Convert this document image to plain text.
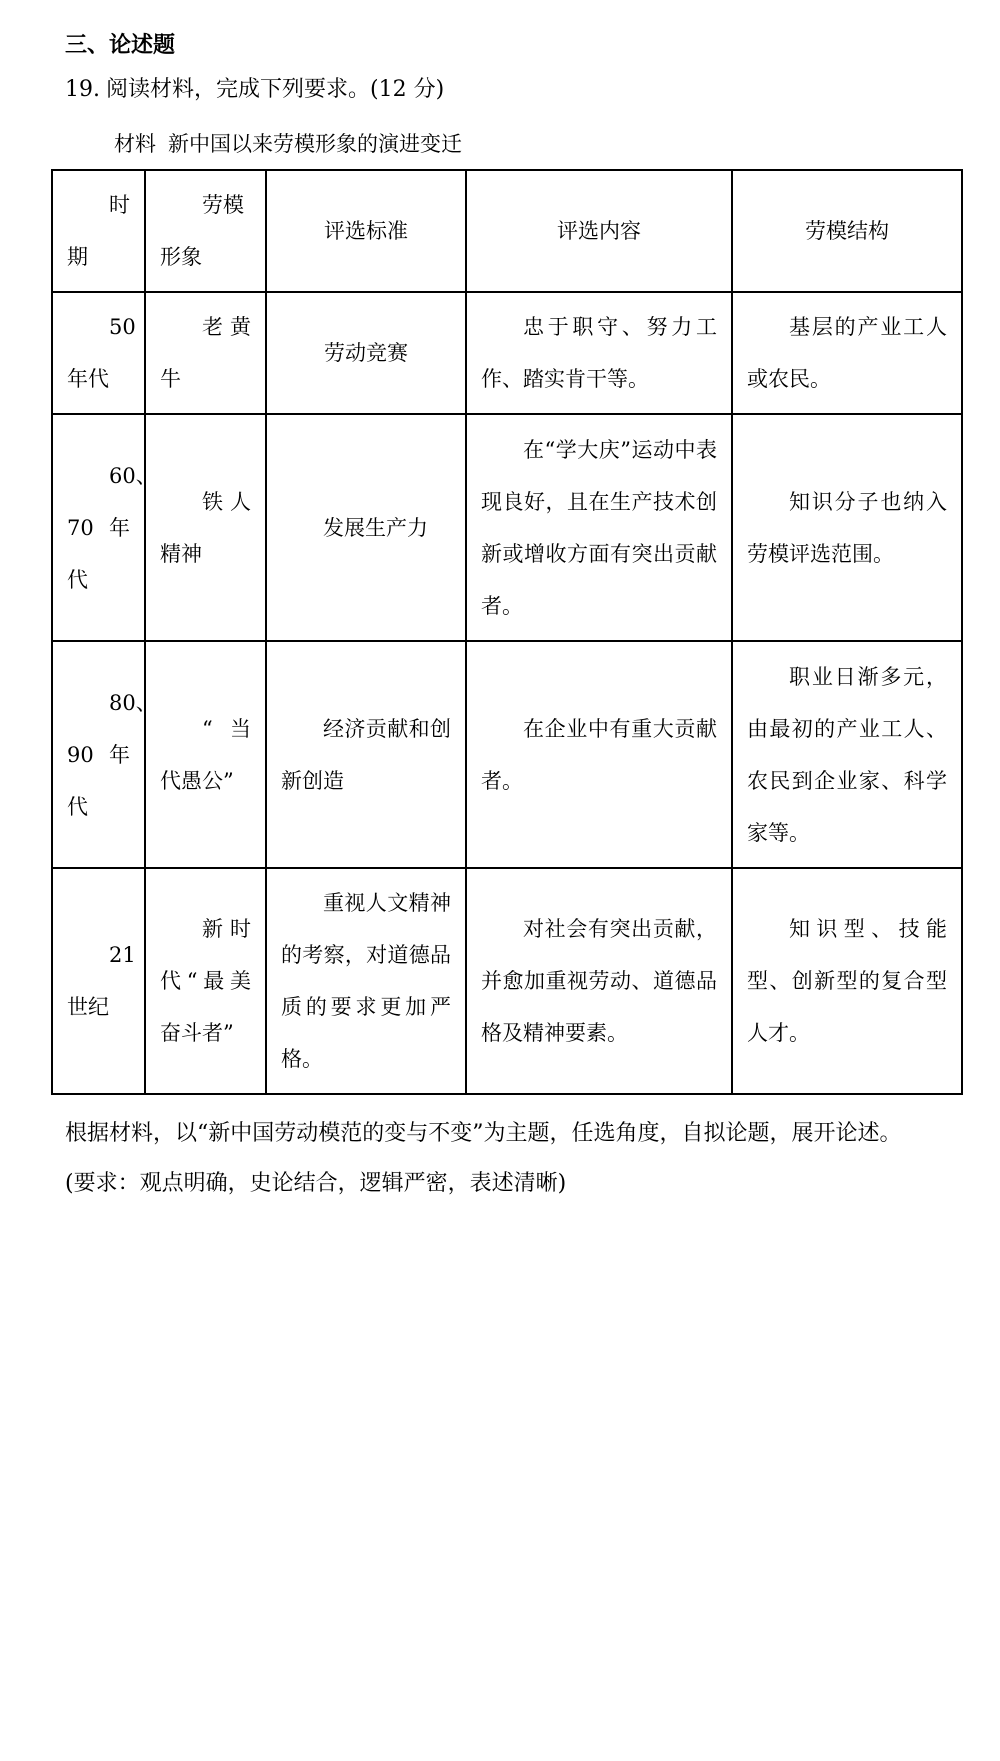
三、论述题
19. 阅读材料，完成下列要求。(12 分)
材料 新中国以来劳模形象的演进变迁
时期	劳模形象	评选标准	评选内容	劳模结构
50 年代	老黄牛	劳动竞赛	忠于职守、努力工作、踏实肯干等。	基层的产业工人或农民。
60、70 年代	铁人精神	发展生产力	在“学大庆”运动中表现良好，且在生产技术创新或增收方面有突出贡献者。	知识分子也纳入劳模评选范围。
80、90 年代	“当代愚公”	经济贡献和创新创造	在企业中有重大贡献者。	职业日渐多元，由最初的产业工人、农民到企业家、科学家等。
21 世纪	新时代“最美奋斗者”	重视人文精神的考察，对道德品质的要求更加严格。	对社会有突出贡献，并愈加重视劳动、道德品格及精神要素。	知识型、技能型、创新型的复合型人才。
根据材料，以“新中国劳动模范的变与不变”为主题，任选角度，自拟论题，展开论述。
(要求：观点明确，史论结合，逻辑严密，表述清晰)
